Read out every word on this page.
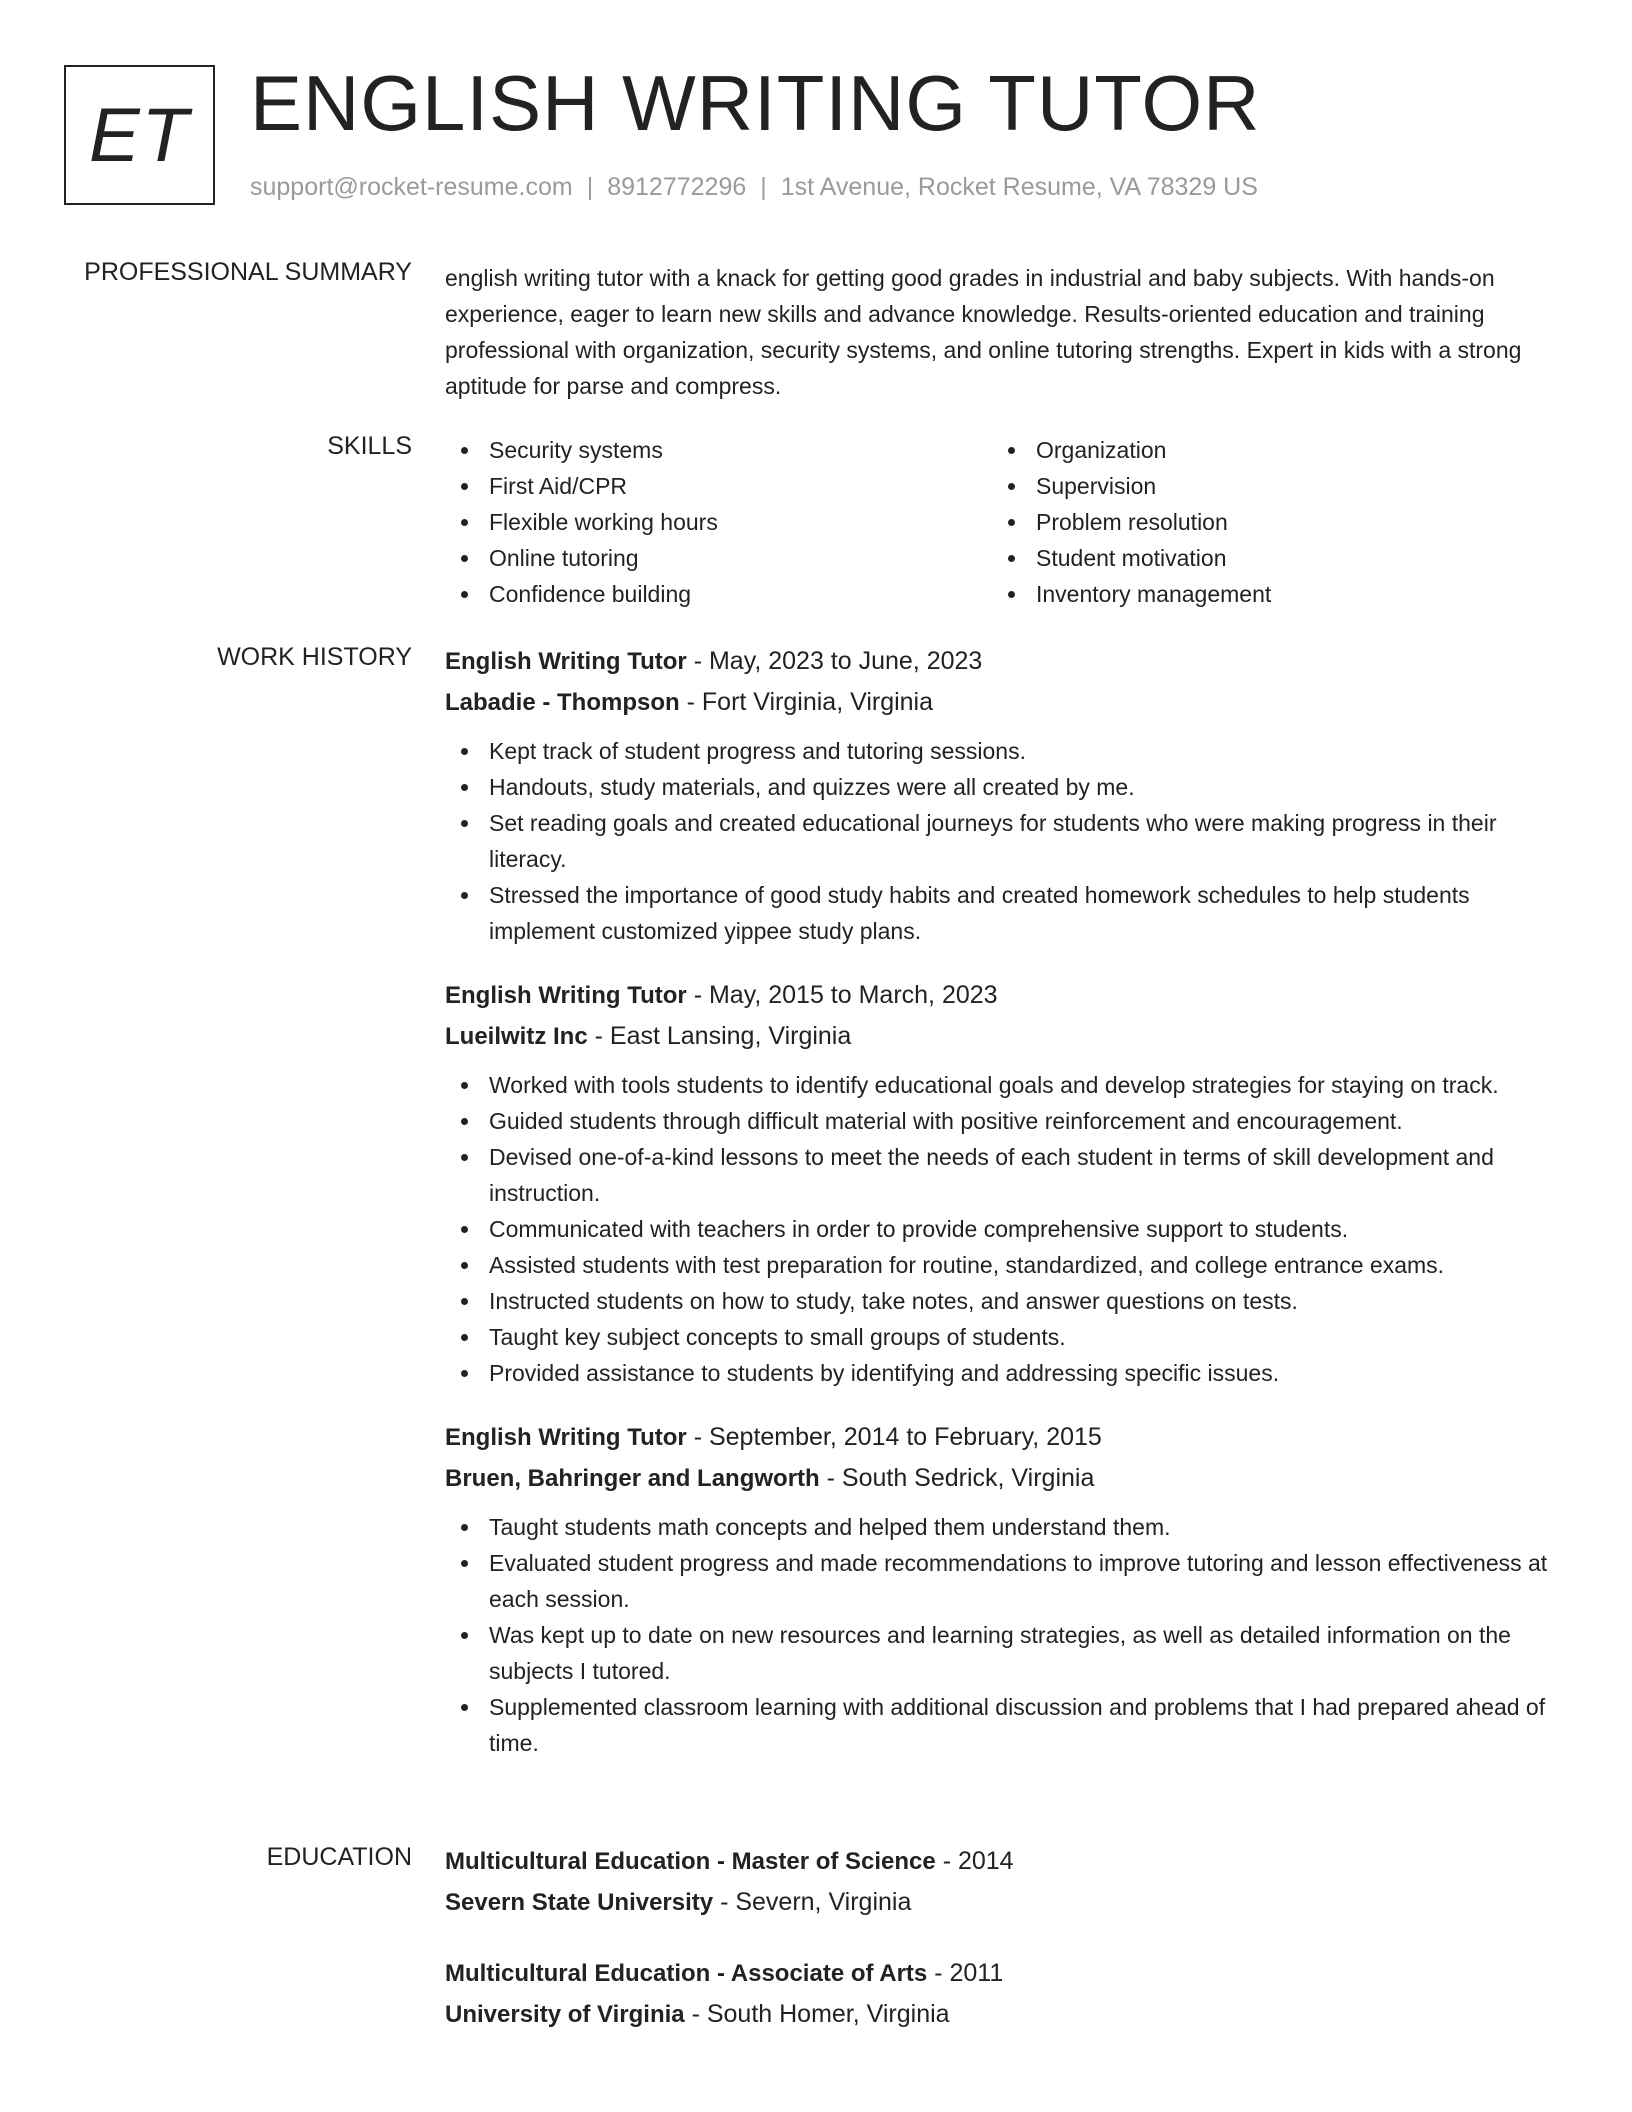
ET ENGLISH WRITING TUTOR
support@rocket-resume.com | 8912772296 | 1st Avenue, Rocket Resume, VA 78329 US
PROFESSIONAL SUMMARY english writing tutor with a knack for getting good grades in industrial and baby subjects. With hands-on experience, eager to learn new skills and advance knowledge. Results-oriented education and training professional with organization, security systems, and online tutoring strengths. Expert in kids with a strong aptitude for parse and compress.

SKILLS	Security systems
First Aid/CPR
Flexible working hours
Online tutoring
Confidence building
Organization
Supervision
Problem resolution
Student motivation
Inventory management
WORK HISTORY English Writing Tutor - May, 2023 to June, 2023
Labadie - Thompson - Fort Virginia, Virginia
Kept track of student progress and tutoring sessions.
Handouts, study materials, and quizzes were all created by me.
Set reading goals and created educational journeys for students who were making progress in their literacy.
Stressed the importance of good study habits and created homework schedules to help students implement customized yippee study plans.
English Writing Tutor - May, 2015 to March, 2023
Lueilwitz Inc - East Lansing, Virginia
Worked with tools students to identify educational goals and develop strategies for staying on track.
Guided students through difficult material with positive reinforcement and encouragement.
Devised one-of-a-kind lessons to meet the needs of each student in terms of skill development and instruction.
Communicated with teachers in order to provide comprehensive support to students.
Assisted students with test preparation for routine, standardized, and college entrance exams.
Instructed students on how to study, take notes, and answer questions on tests.
Taught key subject concepts to small groups of students.
Provided assistance to students by identifying and addressing specific issues.
English Writing Tutor - September, 2014 to February, 2015
Bruen, Bahringer and Langworth - South Sedrick, Virginia
Taught students math concepts and helped them understand them.
Evaluated student progress and made recommendations to improve tutoring and lesson effectiveness at each session.
Was kept up to date on new resources and learning strategies, as well as detailed information on the subjects I tutored.
Supplemented classroom learning with additional discussion and problems that I had prepared ahead of time.
EDUCATION Multicultural Education - Master of Science - 2014
Severn State University - Severn, Virginia
Multicultural Education - Associate of Arts - 2011
University of Virginia - South Homer, Virginia
